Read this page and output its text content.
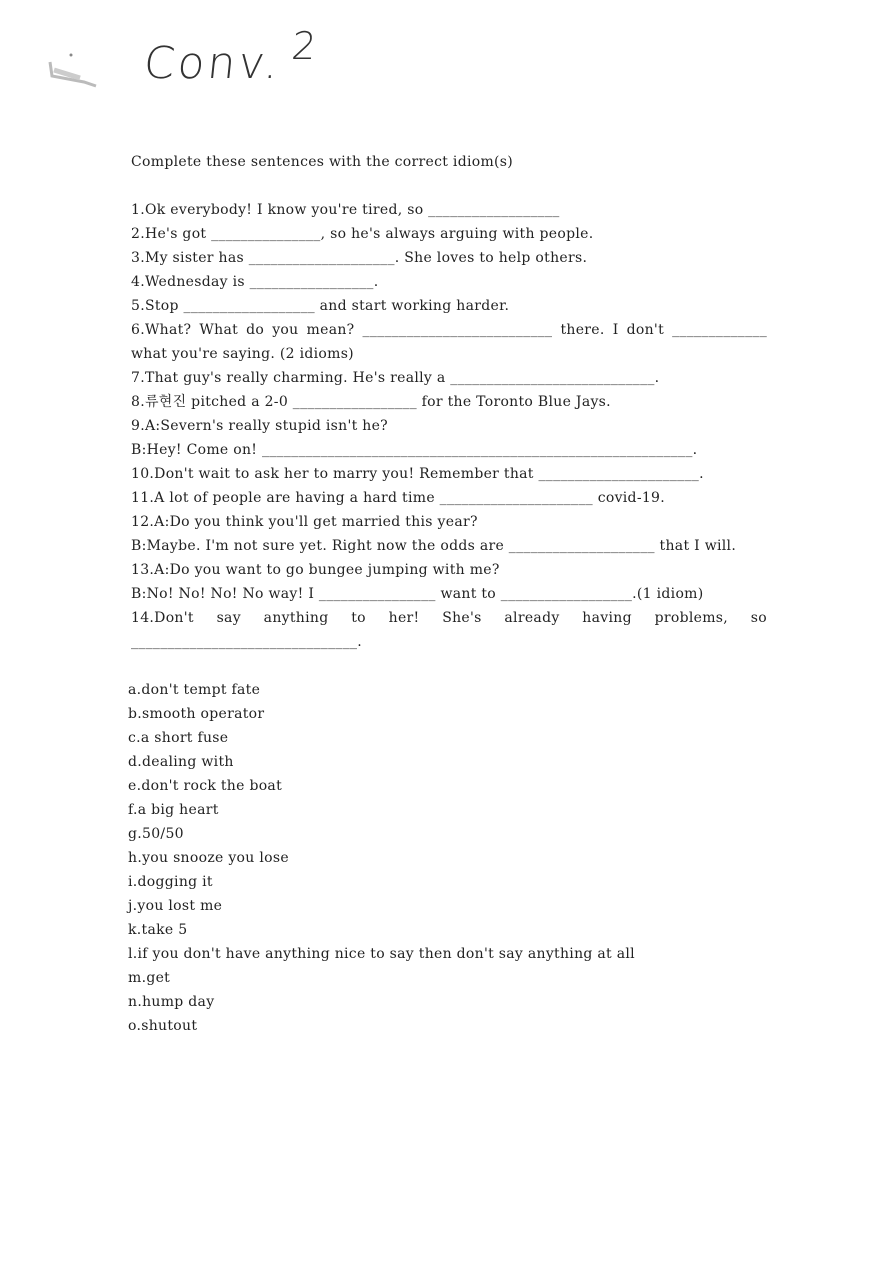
Conv. 2

Complete these sentences with the correct idiom(s)

1.Ok everybody! I know you're tired, so __________________

2.He's got _______________, so he's always arguing with people.

3.My sister has ____________________. She loves to help others.

4.Wednesday is _________________.

5.Stop __________________ and start working harder.

6.What? What do you mean? __________________________ there. I don't _____________ what you're saying. (2 idioms)

7.That guy's really charming. He's really a ____________________________.

8.류현진 pitched a 2-0 _________________ for the Toronto Blue Jays.

9.A:Severn's really stupid isn't he?

B:Hey! Come on! ___________________________________________________________.

10.Don't wait to ask her to marry you! Remember that ______________________.

11.A lot of people are having a hard time _____________________ covid-19.

12.A:Do you think you'll get married this year?

B:Maybe. I'm not sure yet. Right now the odds are ____________________ that I will.

13.A:Do you want to go bungee jumping with me?

B:No! No! No! No way! I ________________ want to __________________.(1 idiom)

14.Don't say anything to her! She's already having problems, so _______________________________.

a.don't tempt fate

b.smooth operator

c.a short fuse

d.dealing with

e.don't rock the boat

f.a big heart

g.50/50

h.you snooze you lose

i.dogging it

j.you lost me

k.take 5

l.if you don't have anything nice to say then don't say anything at all

m.get

n.hump day

o.shutout
